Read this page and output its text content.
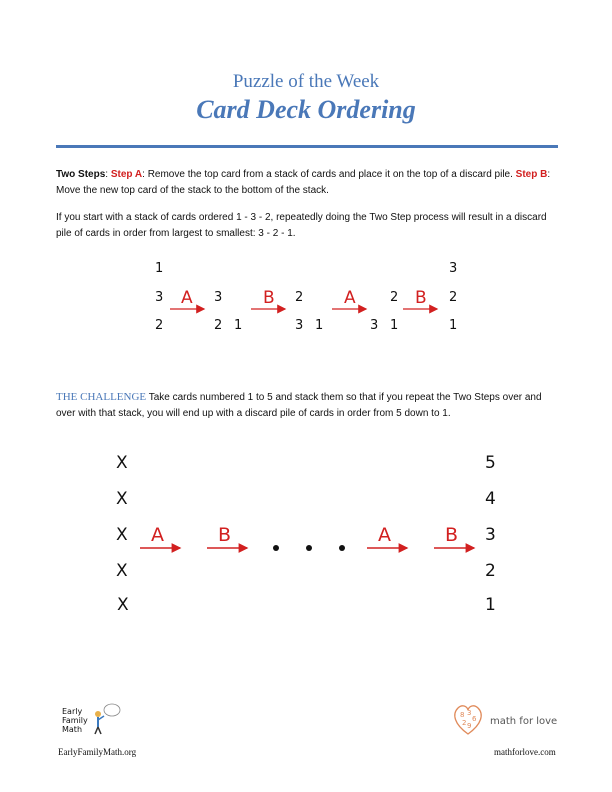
Puzzle of the Week
Card Deck Ordering

Two Steps: Step A: Remove the top card from a stack of cards and place it on the top of a discard pile. Step B: Move the new top card of the stack to the bottom of the stack.

If you start with a stack of cards ordered 1 - 3 - 2, repeatedly doing the Two Step process will result in a discard pile of cards in order from largest to smallest: 3 - 2 - 1.

1
3
2
3
2 1
2
3 1
2
3 1
3
2
1
A	B	A	B

THE CHALLENGE Take cards numbered 1 to 5 and stack them so that if you repeat the Two Steps over and over with that stack, you will end up with a discard pile of cards in order from 5 down to 1.

X
X
X
X
X
5
4
3
2
1
A	B	A	B
Early
Family
Math
EarlyFamilyMath.org
8 3
6
2 9 math for love
mathforlove.com
